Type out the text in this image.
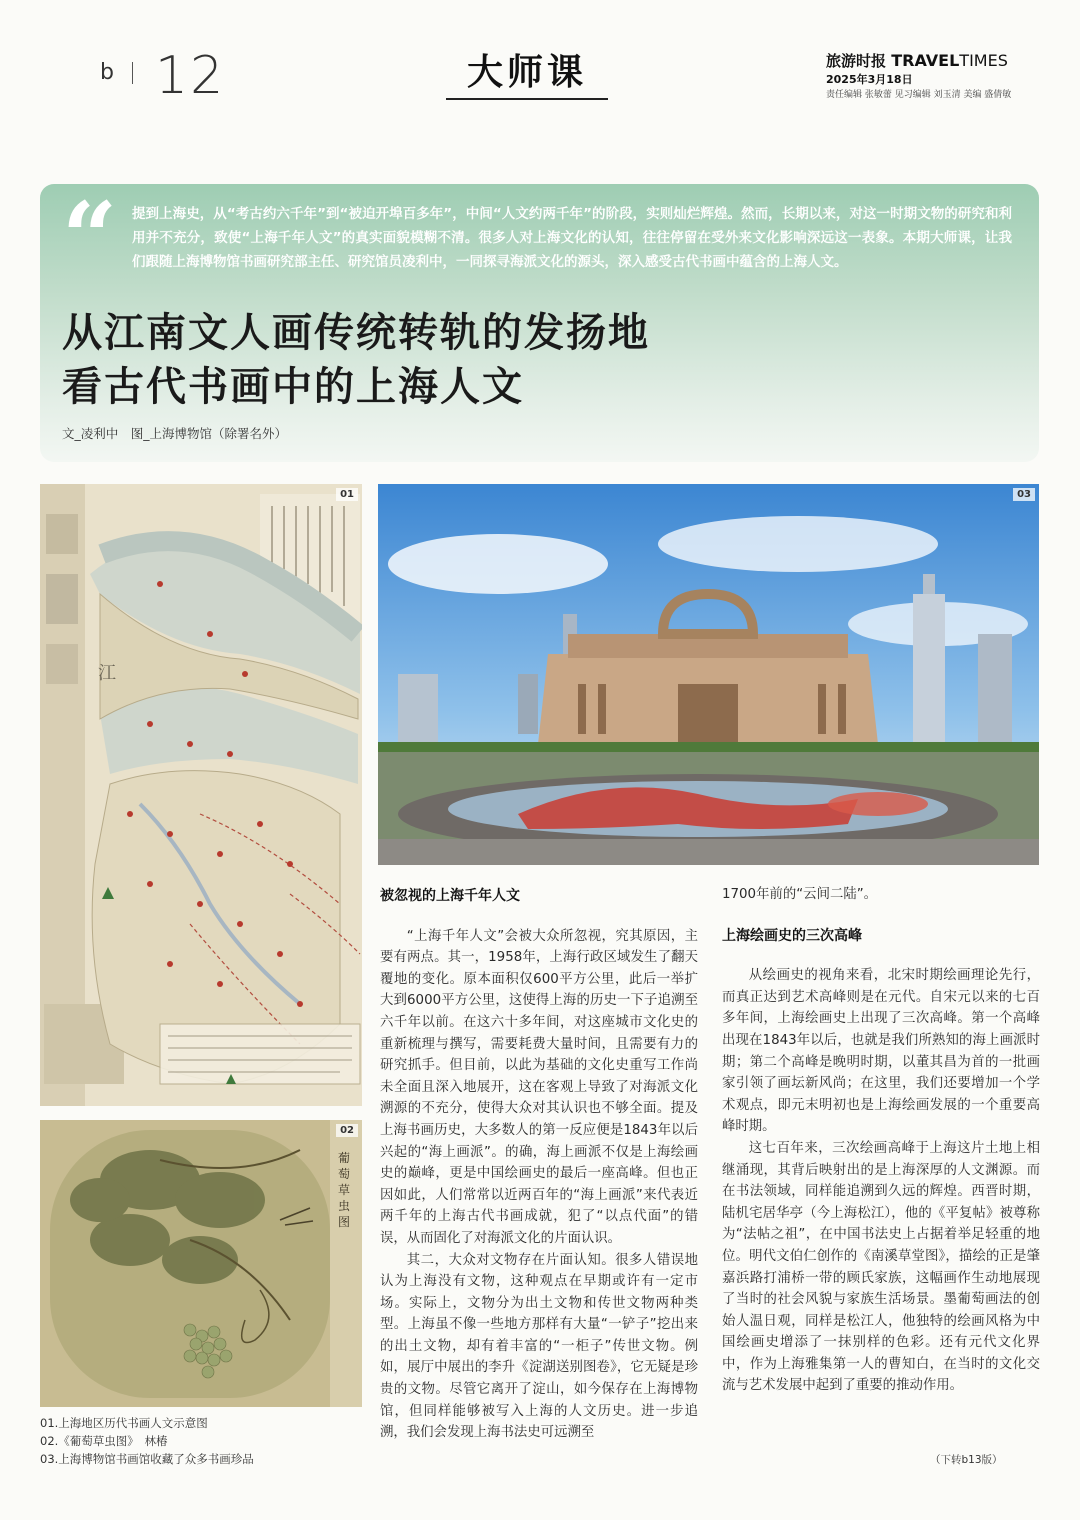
b 12	大师课	旅游时报 TRAVELTIMES
2025年3月18日
责任编辑 张敏蕾 见习编辑 刘玉清 美编 盛倩敏
“ 提到上海史，从“考古约六千年”到“被迫开埠百多年”，中间“人文约两千年”的阶段，实则灿烂辉煌。然而，长期以来，对这一时期文物的研究和利用并不充分，致使“上海千年人文”的真实面貌模糊不清。很多人对上海文化的认知，往往停留在受外来文化影响深远这一表象。本期大师课，让我们跟随上海博物馆书画研究部主任、研究馆员凌利中，一同探寻海派文化的源头，深入感受古代书画中蕴含的上海人文。
从江南文人画传统转轨的发扬地
看古代书画中的上海人文
文_凌利中　图_上海博物馆（除署名外）
江
01
葡萄草虫图
02
03
01.上海地区历代书画人文示意图
02.《葡萄草虫图》　林椿
03.上海博物馆书画馆收藏了众多书画珍品

被忽视的上海千年人文

“上海千年人文”会被大众所忽视，究其原因，主要有两点。其一，1958年，上海行政区域发生了翻天覆地的变化。原本面积仅600平方公里，此后一举扩大到6000平方公里，这使得上海的历史一下子追溯至六千年以前。在这六十多年间，对这座城市文化史的重新梳理与撰写，需要耗费大量时间，且需要有力的研究抓手。但目前，以此为基础的文化史重写工作尚未全面且深入地展开，这在客观上导致了对海派文化溯源的不充分，使得大众对其认识也不够全面。提及上海书画历史，大多数人的第一反应便是1843年以后兴起的“海上画派”。的确，海上画派不仅是上海绘画史的巅峰，更是中国绘画史的最后一座高峰。但也正因如此，人们常常以近两百年的“海上画派”来代表近两千年的上海古代书画成就，犯了“以点代面”的错误，从而固化了对海派文化的片面认识。

其二，大众对文物存在片面认知。很多人错误地认为上海没有文物，这种观点在早期或许有一定市场。实际上，文物分为出土文物和传世文物两种类型。上海虽不像一些地方那样有大量“一铲子”挖出来的出土文物，却有着丰富的“一柜子”传世文物。例如，展厅中展出的李升《淀湖送别图卷》，它无疑是珍贵的文物。尽管它离开了淀山，如今保存在上海博物馆，但同样能够被写入上海的人文历史。进一步追溯，我们会发现上海书法史可远溯至

1700年前的“云间二陆”。

上海绘画史的三次高峰

从绘画史的视角来看，北宋时期绘画理论先行，而真正达到艺术高峰则是在元代。自宋元以来的七百多年间，上海绘画史上出现了三次高峰。第一个高峰出现在1843年以后，也就是我们所熟知的海上画派时期；第二个高峰是晚明时期，以董其昌为首的一批画家引领了画坛新风尚；在这里，我们还要增加一个学术观点，即元末明初也是上海绘画发展的一个重要高峰时期。

这七百年来，三次绘画高峰于上海这片土地上相继涌现，其背后映射出的是上海深厚的人文渊源。而在书法领域，同样能追溯到久远的辉煌。西晋时期，陆机宅居华亭（今上海松江），他的《平复帖》被尊称为“法帖之祖”，在中国书法史上占据着举足轻重的地位。明代文伯仁创作的《南溪草堂图》，描绘的正是肇嘉浜路打浦桥一带的顾氏家族，这幅画作生动地展现了当时的社会风貌与家族生活场景。墨葡萄画法的创始人温日观，同样是松江人，他独特的绘画风格为中国绘画史增添了一抹别样的色彩。还有元代文化界中，作为上海雅集第一人的曹知白，在当时的文化交流与艺术发展中起到了重要的推动作用。

（下转b13版）
